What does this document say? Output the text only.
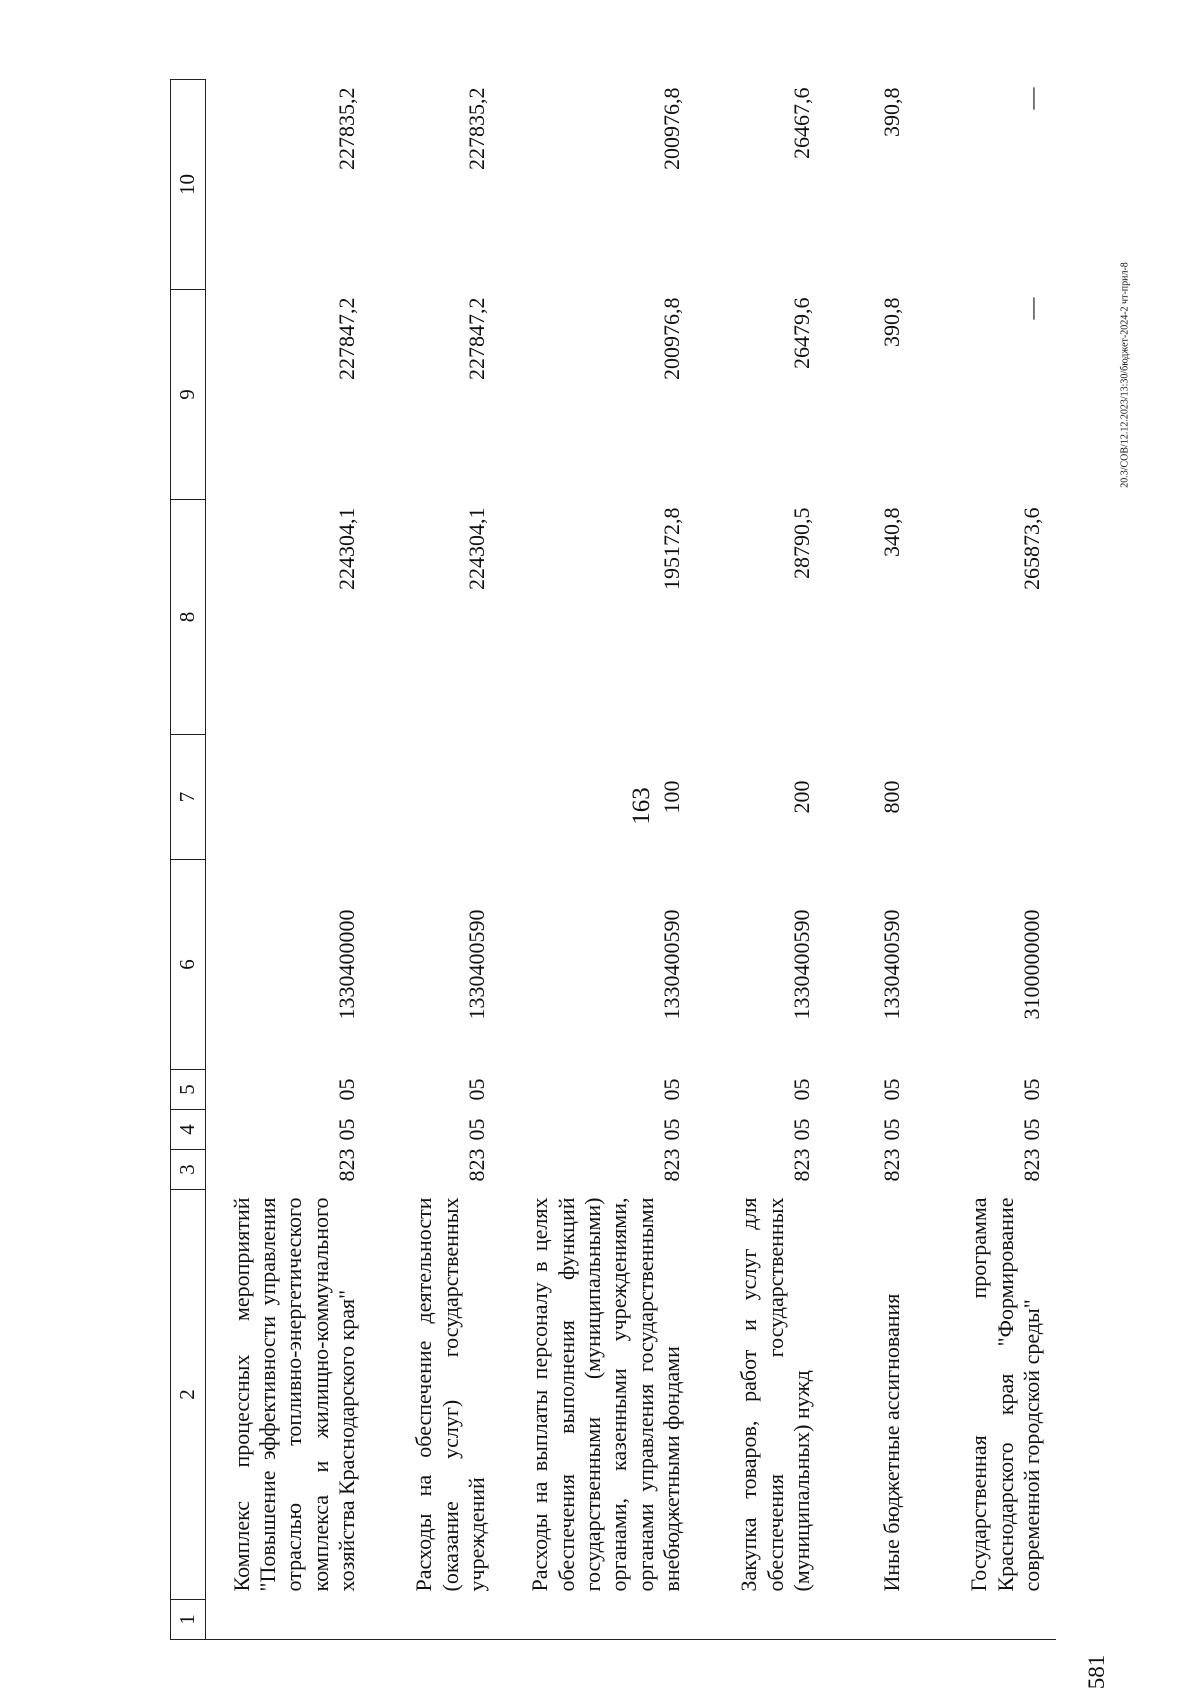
163
20.3/СОВ/12.12.2023/13:30/бюджет-2024-2 чт-прил-8
581
1	2	3	4	5	6	7	8	9	10
	Комплекс процессных мероприятий "Повышение эффективности управления отраслью топливно-энергетического комплекса и жилищно-коммунального хозяйства Краснодарского края"	823	05	05	1330400000		224304,1	227847,2	227835,2
	Расходы на обеспечение деятельности (оказание услуг) государственных учреждений	823	05	05	1330400590		224304,1	227847,2	227835,2
	Расходы на выплаты персоналу в целях обеспечения выполнения функций государственными (муниципальными) органами, казенными учреждениями, органами управления государственными внебюджетными фондами	823	05	05	1330400590	100	195172,8	200976,8	200976,8
	Закупка товаров, работ и услуг для обеспечения государственных (муниципальных) нужд	823	05	05	1330400590	200	28790,5	26479,6	26467,6
	Иные бюджетные ассигнования	823	05	05	1330400590	800	340,8	390,8	390,8
	Государственная программа Краснодарского края "Формирование современной городской среды"	823	05	05	3100000000		265873,6	—	—
